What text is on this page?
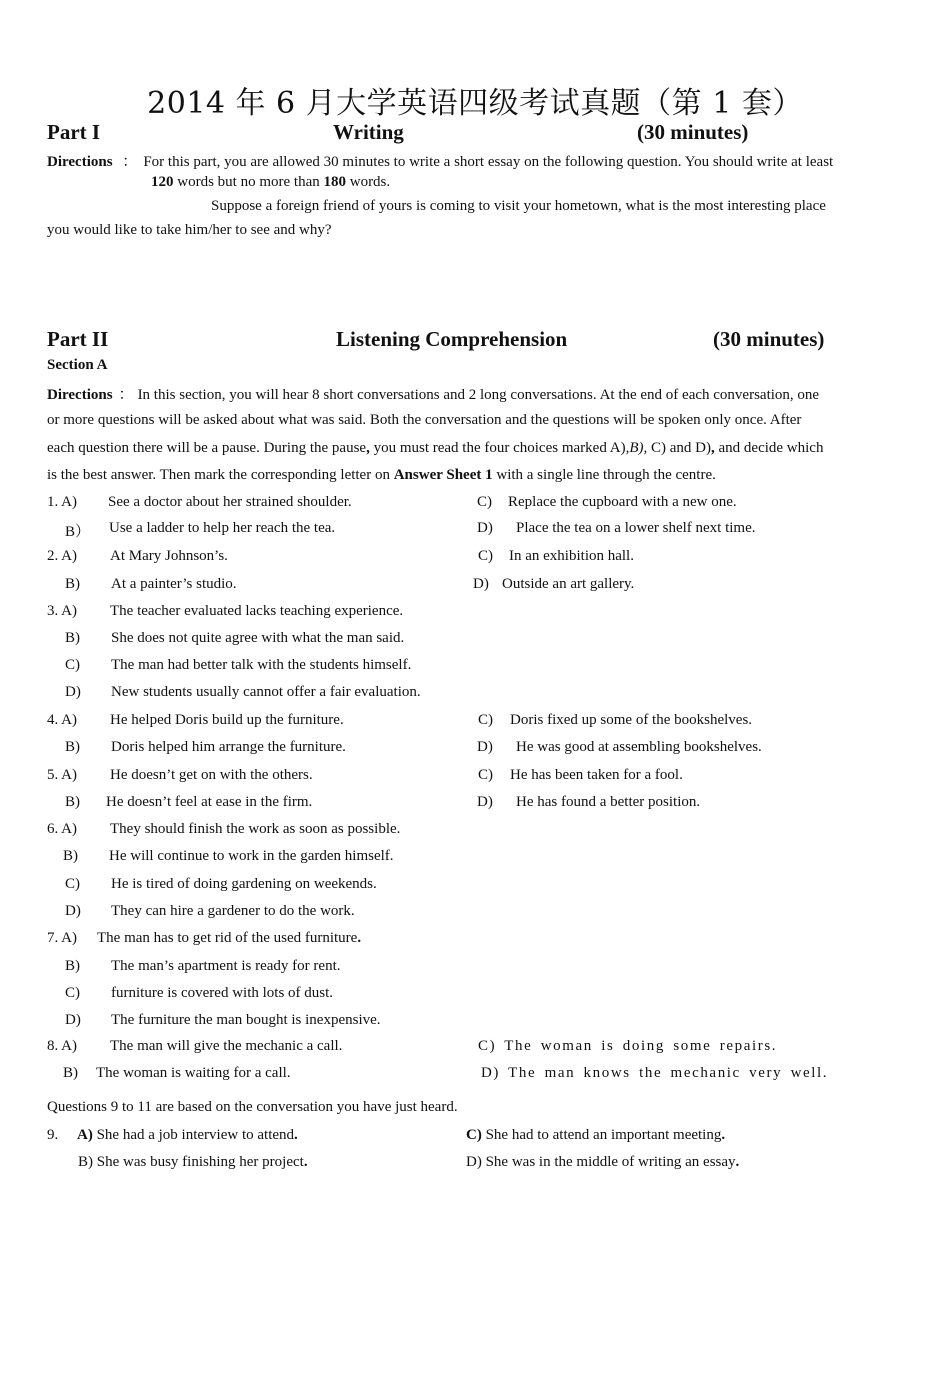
2014 年 6 月大学英语四级考试真题（第 1 套）
Part I	Writing	(30 minutes)
Directions ： For this part, you are allowed 30 minutes to write a short essay on the following question. You should write at least
120 words but no more than 180 words.
Suppose a foreign friend of yours is coming to visit your hometown, what is the most interesting place
you would like to take him/her to see and why?
Part II	Listening Comprehension	(30 minutes)
Section A
Directions ： In this section, you will hear 8 short conversations and 2 long conversations. At the end of each conversation, one
or more questions will be asked about what was said. Both the conversation and the questions will be spoken only once. After
each question there will be a pause. During the pause, you must read the four choices marked A),B), C) and D), and decide which
is the best answer. Then mark the corresponding letter on Answer Sheet 1 with a single line through the centre.
1. A) See a doctor about her strained shoulder.	C) Replace the cupboard with a new one.
B） Use a ladder to help her reach the tea.	D) Place the tea on a lower shelf next time.
2. A) At Mary Johnson’s.	C) In an exhibition hall.
B) At a painter’s studio.	D) Outside an art gallery.
3. A) The teacher evaluated lacks teaching experience.
B) She does not quite agree with what the man said.
C) The man had better talk with the students himself.
D) New students usually cannot offer a fair evaluation.
4. A) He helped Doris build up the furniture.	C) Doris fixed up some of the bookshelves.
B) Doris helped him arrange the furniture.	D) He was good at assembling bookshelves.
5. A) He doesn’t get on with the others.	C) He has been taken for a fool.
B) He doesn’t feel at ease in the firm.	D) He has found a better position.
6. A) They should finish the work as soon as possible.
B) He will continue to work in the garden himself.
C) He is tired of doing gardening on weekends.
D) They can hire a gardener to do the work.
7. A) The man has to get rid of the used furniture.
B) The man’s apartment is ready for rent.
C) furniture is covered with lots of dust.
D) The furniture the man bought is inexpensive.
8. A) The man will give the mechanic a call.	C) The woman is doing some repairs.
B) The woman is waiting for a call.	D) The man knows the mechanic very well.
Questions 9 to 11 are based on the conversation you have just heard.
9. A) She had a job interview to attend.	C) She had to attend an important meeting.
B) She was busy finishing her project.	D) She was in the middle of writing an essay.
